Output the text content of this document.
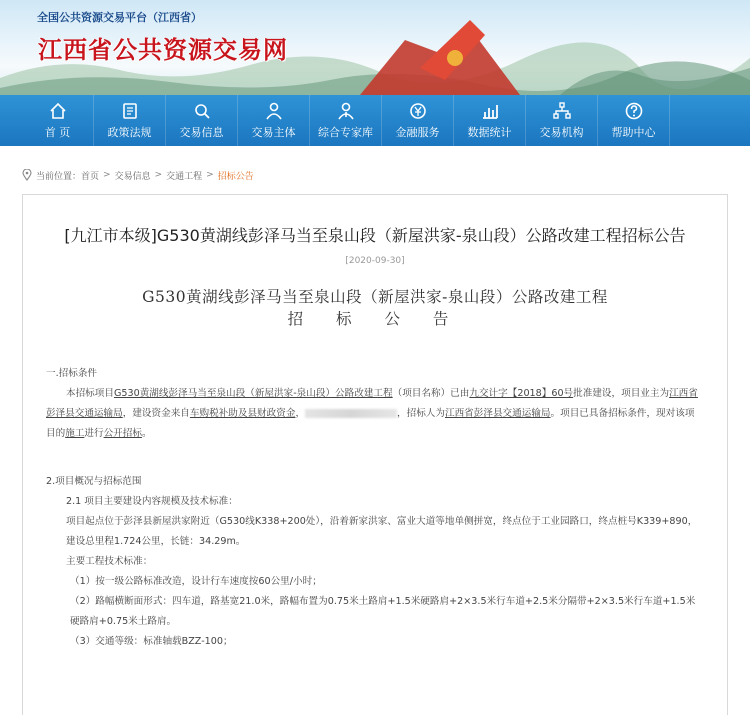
全国公共资源交易平台（江西省）
江西省公共资源交易网
首 页	政策法规	交易信息	交易主体 综合专家库 金融服务	数据统计	交易机构	帮助中心
当前位置： 首页 > 交易信息 > 交通工程 > 招标公告
[九江市本级]G530黄湖线彭泽马当至泉山段（新屋洪家-泉山段）公路改建工程招标公告
[2020-09-30]
G530黄湖线彭泽马当至泉山段（新屋洪家-泉山段）公路改建工程
招 标 公 告
一.招标条件
本招标项目G530黄湖线彭泽马当至泉山段（新屋洪家-泉山段）公路改建工程（项目名称）已由九交计字【2018】60号批准建设，项目业主为江西省彭泽县交通运输局，建设资金来自车购税补助及县财政资金，	，招标人为江西省彭泽县交通运输局。项目已具备招标条件，现对该项目的施工进行公开招标。
2.项目概况与招标范围
2.1 项目主要建设内容规模及技术标准：
项目起点位于彭泽县新屋洪家附近（G530线K338+200处），沿着新家洪家、富业大道等地单侧拼宽，终点位于工业园路口，终点桩号K339+890，建设总里程1.724公里，长链：34.29m。
主要工程技术标准：
（1）按一级公路标准改造，设计行车速度按60公里/小时；
（2）路幅横断面形式：四车道，路基宽21.0米，路幅布置为0.75米土路肩+1.5米硬路肩+2×3.5米行车道+2.5米分隔带+2×3.5米行车道+1.5米硬路肩+0.75米土路肩。
（3）交通等级：标准轴载BZZ-100；
